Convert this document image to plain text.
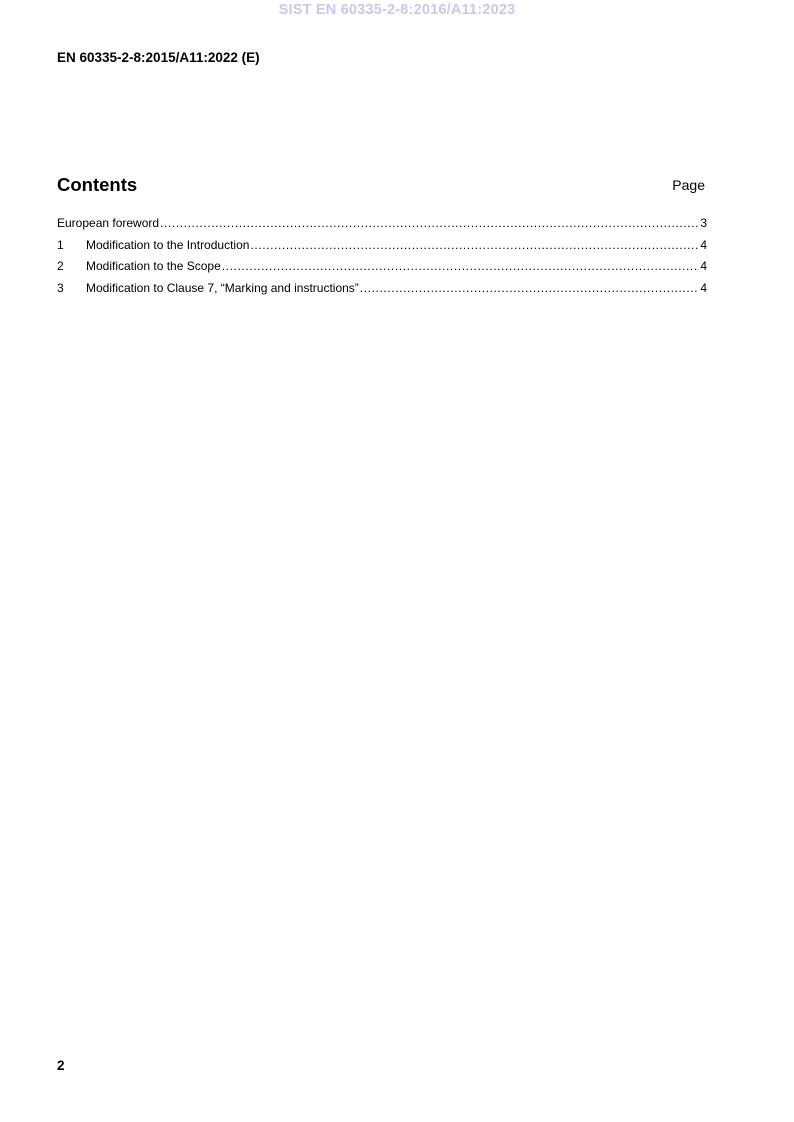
SIST EN 60335-2-8:2016/A11:2023
EN 60335-2-8:2015/A11:2022 (E)
Contents	Page
European foreword .....	3
1	Modification to the Introduction .....	4
2	Modification to the Scope .....	4
3	Modification to Clause 7, “Marking and instructions” .....	4
2
